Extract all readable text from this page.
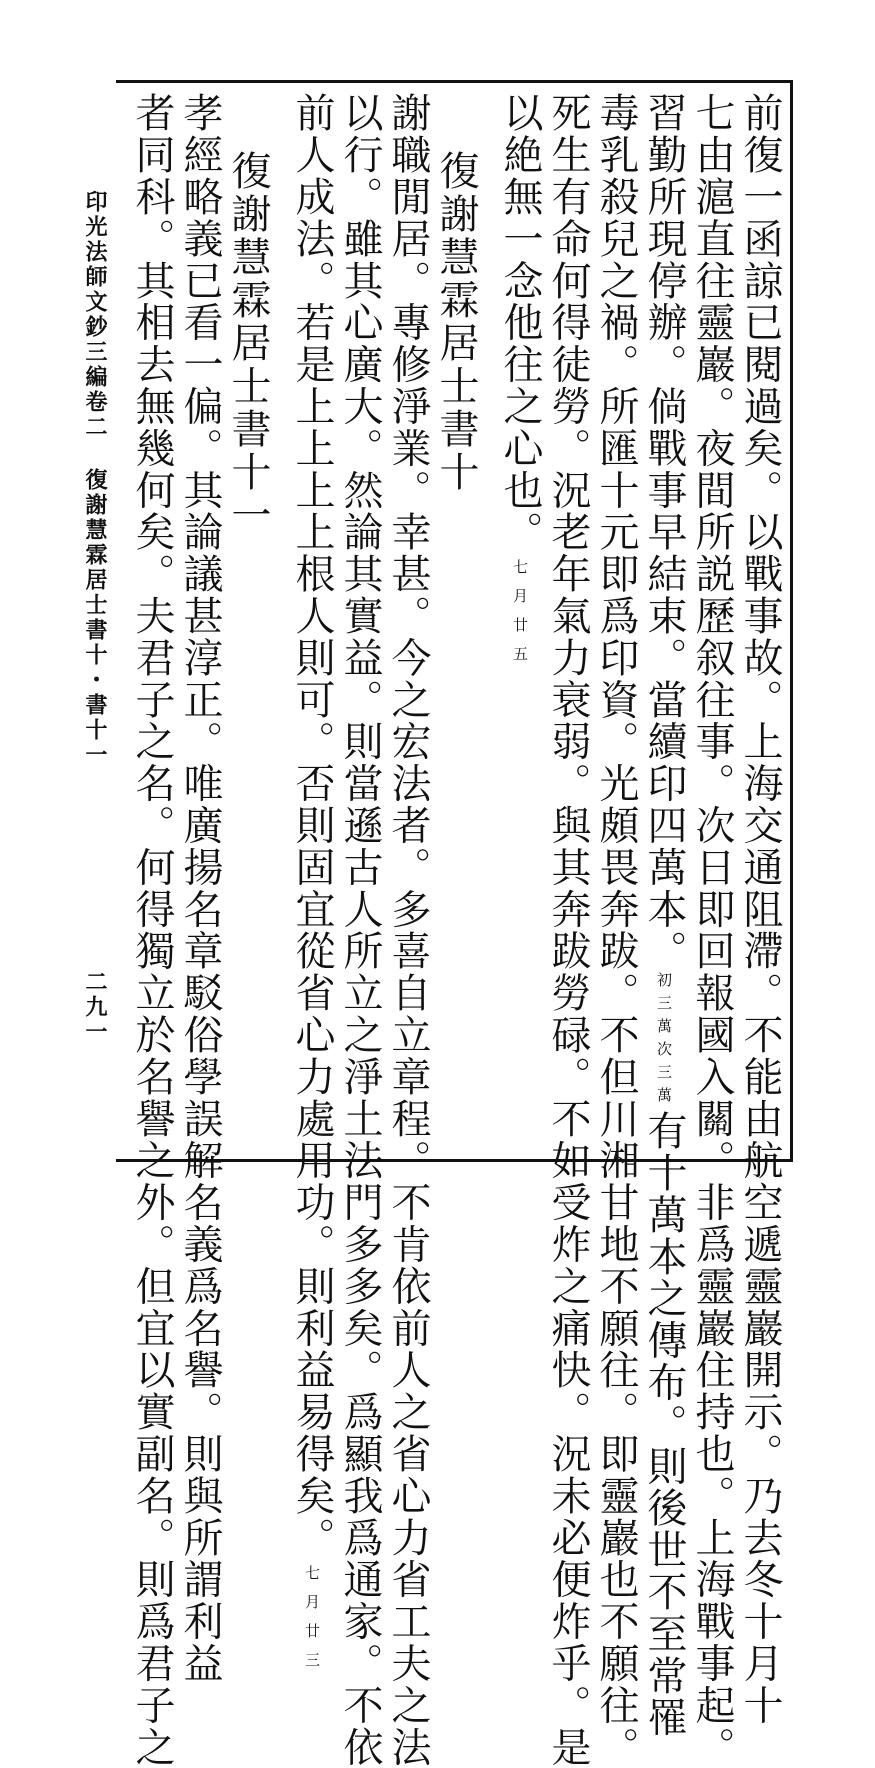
前復一函諒已閱過矣。以戰事故。上海交通阻滯。不能由航空遞靈巖開示。乃去冬十月十
七由滬直往靈巖。夜間所説歷叙往事。次日即回報國入關。非爲靈巖住持也。上海戰事起。
習勤所現停辦。倘戰事早結束。當續印四萬本。初三萬次三萬有十萬本之傳布。則後世不至常罹
毒乳殺兒之禍。所匯十元即爲印資。光頗畏奔跋。不但川湘甘地不願往。即靈巖也不願往。
死生有命何得徒勞。況老年氣力衰弱。與其奔跋勞碌。不如受炸之痛快。況未必便炸乎。是
以絶無一念他往之心也。七月廿五
復謝慧霖居士書十
謝職閒居。專修淨業。幸甚。今之宏法者。多喜自立章程。不肯依前人之省心力省工夫之法
以行。雖其心廣大。然論其實益。則當遜古人所立之淨土法門多多矣。爲顯我爲通家。不依
前人成法。若是上上上上根人則可。否則固宜從省心力處用功。則利益易得矣。七月廿三
復謝慧霖居士書十一
孝經略義已看一偏。其論議甚淳正。唯廣揚名章駁俗學誤解名義爲名譽。則與所謂利益
者同科。其相去無幾何矣。夫君子之名。何得獨立於名譽之外。但宜以實副名。則爲君子之
印光法師文鈔三編卷二
復謝慧霖居士書十・書十一
二九一
